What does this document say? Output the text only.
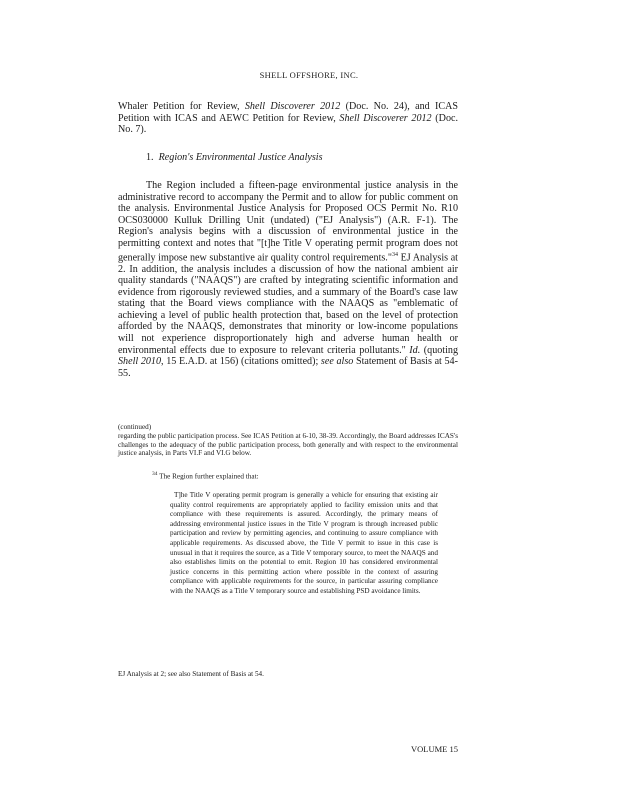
SHELL OFFSHORE, INC.
Whaler Petition for Review, Shell Discoverer 2012 (Doc. No. 24), and ICAS Petition with ICAS and AEWC Petition for Review, Shell Discoverer 2012 (Doc. No. 7).
1. Region's Environmental Justice Analysis
The Region included a fifteen-page environmental justice analysis in the administrative record to accompany the Permit and to allow for public comment on the analysis. Environmental Justice Analysis for Proposed OCS Permit No. R10 OCS030000 Kulluk Drilling Unit (undated) ("EJ Analysis") (A.R. F-1). The Region's analysis begins with a discussion of environmental justice in the permitting context and notes that "[t]he Title V operating permit program does not generally impose new substantive air quality control requirements."$^{34}$ EJ Analysis at 2. In addition, the analysis includes a discussion of how the national ambient air quality standards ("NAAQS") are crafted by integrating scientific information and evidence from rigorously reviewed studies, and a summary of the Board's case law stating that the Board views compliance with the NAAQS as "emblematic of achieving a level of public health protection that, based on the level of protection afforded by the NAAQS, demonstrates that minority or low-income populations will not experience disproportionately high and adverse human health or environmental effects due to exposure to relevant criteria pollutants." Id. (quoting Shell 2010, 15 E.A.D. at 156) (citations omitted); see also Statement of Basis at 54-55.
(continued)
regarding the public participation process. See ICAS Petition at 6-10, 38-39. Accordingly, the Board addresses ICAS's challenges to the adequacy of the public participation process, both generally and with respect to the environmental justice analysis, in Parts VI.F and VI.G below.
$^{34}$ The Region further explained that:
T]he Title V operating permit program is generally a vehicle for ensuring that existing air quality control requirements are appropriately applied to facility emission units and that compliance with these requirements is assured. Accordingly, the primary means of addressing environmental justice issues in the Title V program is through increased public participation and review by permitting agencies, and continuing to assure compliance with applicable requirements. As discussed above, the Title V permit to issue in this case is unusual in that it requires the source, as a Title V temporary source, to meet the NAAQS and also establishes limits on the potential to emit. Region 10 has considered environmental justice concerns in this permitting action where possible in the context of assuring compliance with applicable requirements for the source, in particular assuring compliance with the NAAQS as a Title V temporary source and establishing PSD avoidance limits.
EJ Analysis at 2; see also Statement of Basis at 54.
VOLUME 15
